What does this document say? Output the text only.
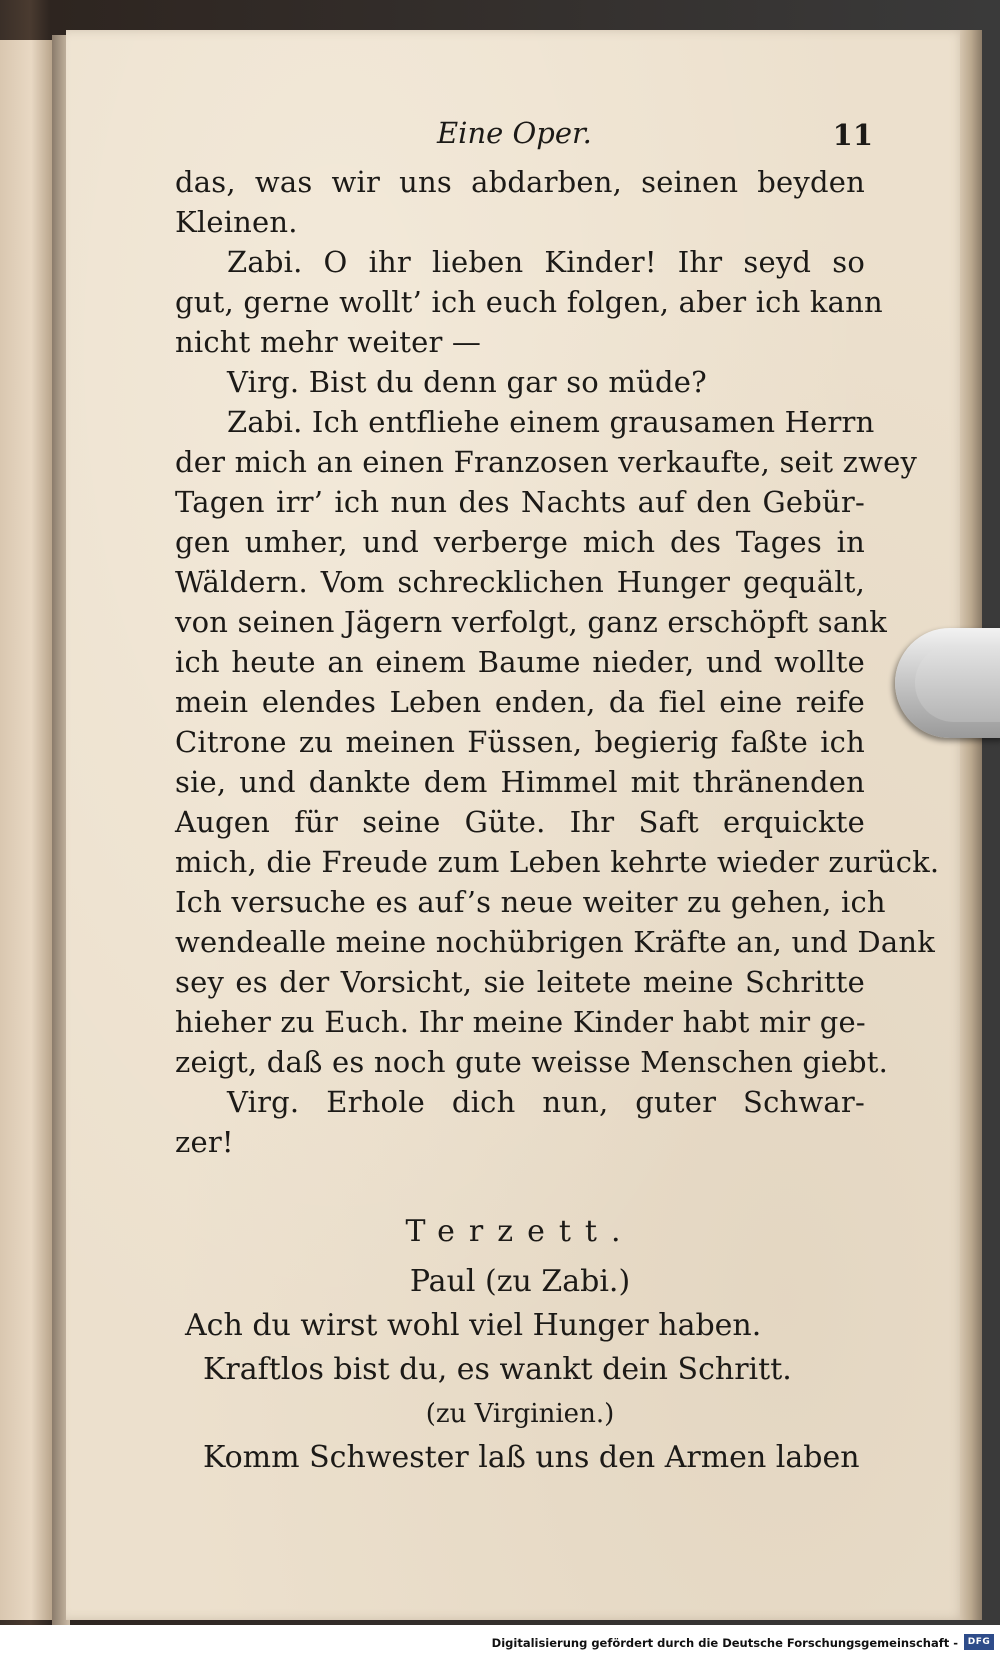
Eine Oper.	11
das, was wir uns abdarben, seinen beyden
Kleinen.
Zabi. O ihr lieben Kinder! Ihr seyd so
gut, gerne wollt’ ich euch folgen, aber ich kann
nicht mehr weiter —
Virg. Bist du denn gar so müde?
Zabi. Ich entfliehe einem grausamen Herrn
der mich an einen Franzosen verkaufte, seit zwey
Tagen irr’ ich nun des Nachts auf den Gebür-
gen umher, und verberge mich des Tages in
Wäldern. Vom schrecklichen Hunger gequält,
von seinen Jägern verfolgt, ganz erschöpft sank
ich heute an einem Baume nieder, und wollte
mein elendes Leben enden, da fiel eine reife
Citrone zu meinen Füssen, begierig faßte ich
sie, und dankte dem Himmel mit thränenden
Augen für seine Güte. Ihr Saft erquickte
mich, die Freude zum Leben kehrte wieder zurück.
Ich versuche es auf’s neue weiter zu gehen, ich
wendealle meine nochübrigen Kräfte an, und Dank
sey es der Vorsicht, sie leitete meine Schritte
hieher zu Euch. Ihr meine Kinder habt mir ge-
zeigt, daß es noch gute weisse Menschen giebt.
Virg. Erhole dich nun, guter Schwar-
zer!
Terzett.
Paul (zu Zabi.)
Ach du wirst wohl viel Hunger haben.
Kraftlos bist du, es wankt dein Schritt.
(zu Virginien.)
Komm Schwester laß uns den Armen laben
Digitalisierung gefördert durch die Deutsche Forschungsgemeinschaft -	DFG
